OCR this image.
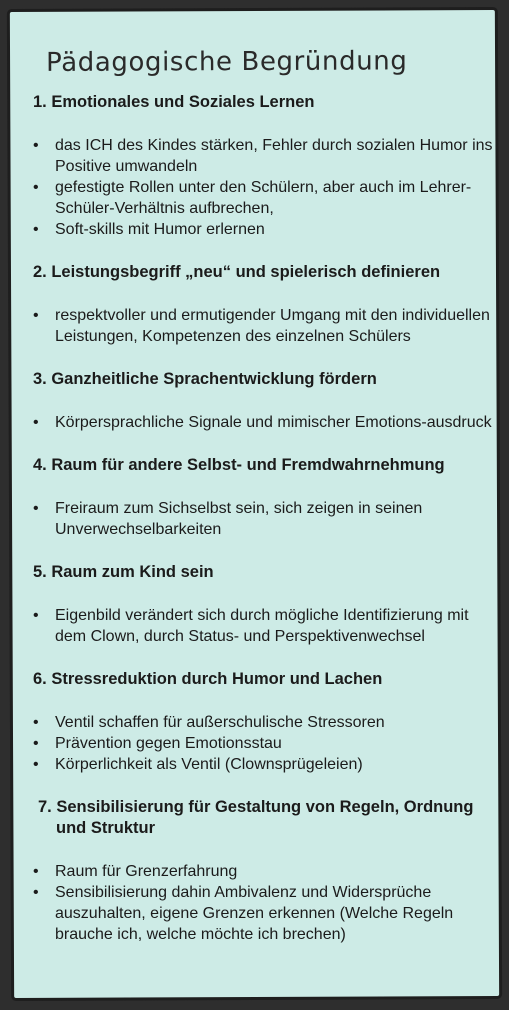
Pädagogische Begründung
1. Emotionales und Soziales Lernen
• das ICH des Kindes stärken, Fehler durch sozialen Humor ins Positive umwandeln
• gefestigte Rollen unter den Schülern, aber auch im Lehrer-Schüler-Verhältnis aufbrechen,
• Soft-skills mit Humor erlernen
2. Leistungsbegriff „neu“ und spielerisch definieren
• respektvoller und ermutigender Umgang mit den individuellen Leistungen, Kompetenzen des einzelnen Schülers
3. Ganzheitliche Sprachentwicklung fördern
• Körpersprachliche Signale und mimischer Emotions-ausdruck
4. Raum für andere Selbst- und Fremdwahrnehmung
• Freiraum zum Sichselbst sein, sich zeigen in seinen Unverwechselbarkeiten
5. Raum zum Kind sein
• Eigenbild verändert sich durch mögliche Identifizierung mit dem Clown, durch Status- und Perspektivenwechsel
6. Stressreduktion durch Humor und Lachen
• Ventil schaffen für außerschulische Stressoren
• Prävention gegen Emotionsstau
• Körperlichkeit als Ventil (Clownsprügeleien)
7. Sensibilisierung für Gestaltung von Regeln, Ordnung und Struktur
• Raum für Grenzerfahrung
• Sensibilisierung dahin Ambivalenz und Widersprüche auszuhalten, eigene Grenzen erkennen (Welche Regeln brauche ich, welche möchte ich brechen)
